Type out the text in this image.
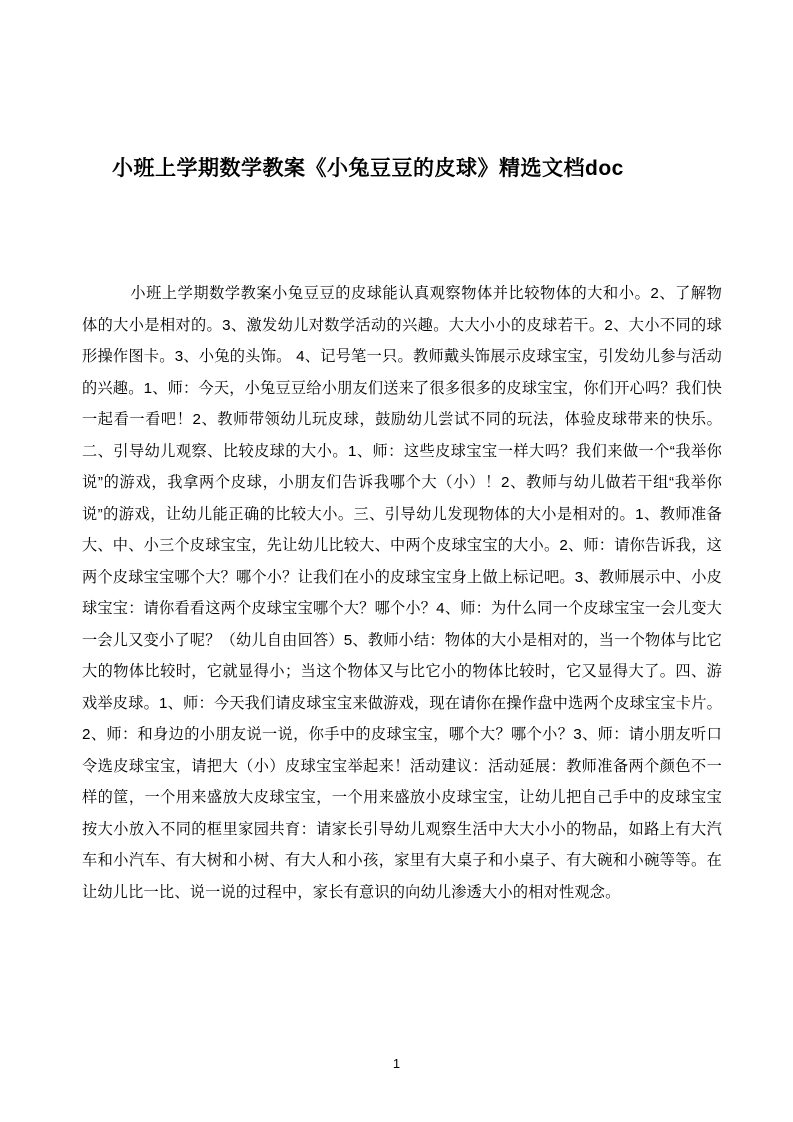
小班上学期数学教案《小兔豆豆的皮球》精选文档doc
小班上学期数学教案小兔豆豆的皮球能认真观察物体并比较物体的大和小。2、了解物体的大小是相对的。3、激发幼儿对数学活动的兴趣。大大小小的皮球若干。2、大小不同的球形操作图卡。3、小兔的头饰。 4、记号笔一只。教师戴头饰展示皮球宝宝，引发幼儿参与活动的兴趣。1、师：今天，小兔豆豆给小朋友们送来了很多很多的皮球宝宝，你们开心吗？我们快一起看一看吧！2、教师带领幼儿玩皮球，鼓励幼儿尝试不同的玩法，体验皮球带来的快乐。二、引导幼儿观察、比较皮球的大小。1、师：这些皮球宝宝一样大吗？我们来做一个“我举你说”的游戏，我拿两个皮球，小朋友们告诉我哪个大（小）！2、教师与幼儿做若干组“我举你说”的游戏，让幼儿能正确的比较大小。三、引导幼儿发现物体的大小是相对的。1、教师准备大、中、小三个皮球宝宝，先让幼儿比较大、中两个皮球宝宝的大小。2、师：请你告诉我，这两个皮球宝宝哪个大？哪个小？让我们在小的皮球宝宝身上做上标记吧。3、教师展示中、小皮球宝宝：请你看看这两个皮球宝宝哪个大？哪个小？4、师：为什么同一个皮球宝宝一会儿变大一会儿又变小了呢？（幼儿自由回答）5、教师小结：物体的大小是相对的，当一个物体与比它大的物体比较时，它就显得小；当这个物体又与比它小的物体比较时，它又显得大了。四、游戏举皮球。1、师：今天我们请皮球宝宝来做游戏，现在请你在操作盘中选两个皮球宝宝卡片。2、师：和身边的小朋友说一说，你手中的皮球宝宝，哪个大？哪个小？3、师：请小朋友听口令选皮球宝宝，请把大（小）皮球宝宝举起来！活动建议：活动延展：教师准备两个颜色不一样的筐，一个用来盛放大皮球宝宝，一个用来盛放小皮球宝宝，让幼儿把自己手中的皮球宝宝按大小放入不同的框里家园共育：请家长引导幼儿观察生活中大大小小的物品，如路上有大汽车和小汽车、有大树和小树、有大人和小孩，家里有大桌子和小桌子、有大碗和小碗等等。在让幼儿比一比、说一说的过程中，家长有意识的向幼儿渗透大小的相对性观念。
1
